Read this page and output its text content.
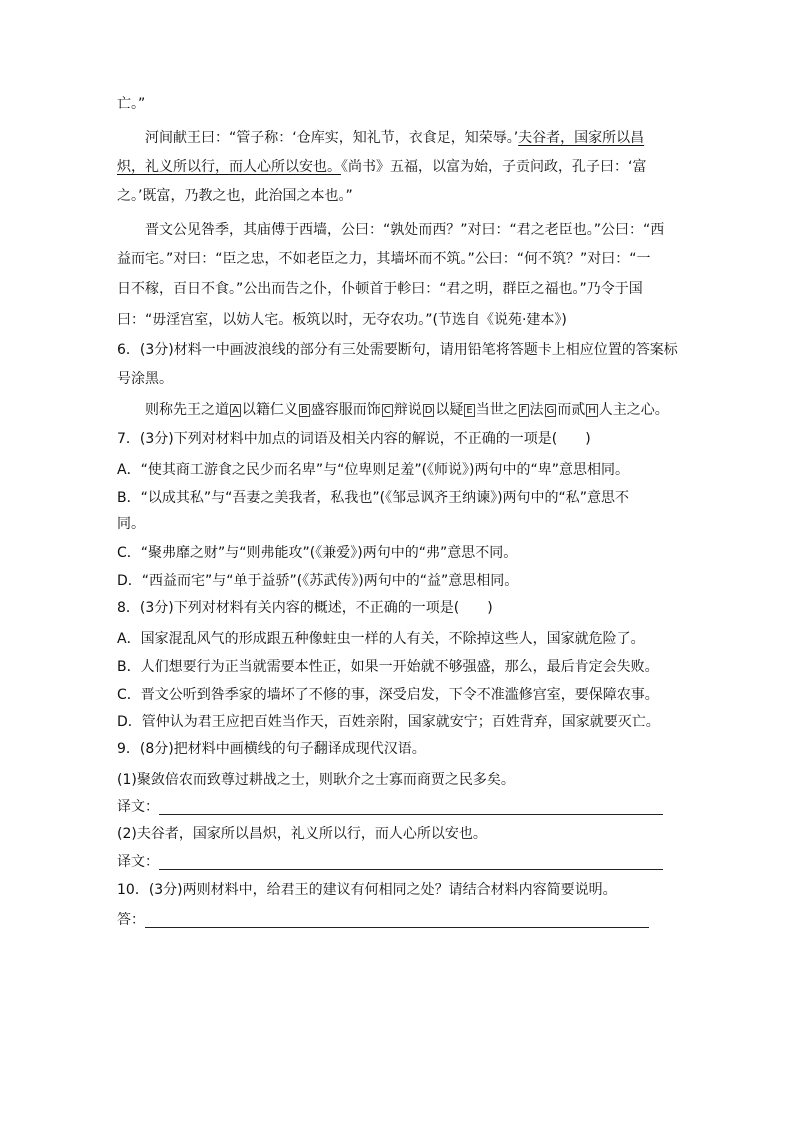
亡。”
河间献王曰：“管子称：‘仓库实，知礼节，衣食足，知荣辱。’夫谷者，国家所以昌
炽，礼义所以行，而人心所以安也。《尚书》五福，以富为始，子贡问政，孔子曰：‘富
之。’既富，乃教之也，此治国之本也。”
晋文公见咎季，其庙傅于西墙，公曰：“孰处而西？”对曰：“君之老臣也。”公曰：“西
益而宅。”对曰：“臣之忠，不如老臣之力，其墙坏而不筑。”公曰：“何不筑？”对曰：“一
日不稼，百日不食。”公出而告之仆，仆顿首于軫曰：“君之明，群臣之福也。”乃令于国
曰：“毋淫宫室，以妨人宅。板筑以时，无夺农功。”(节选自《说苑·建本》)
6．(3分)材料一中画波浪线的部分有三处需要断句，请用铅笔将答题卡上相应位置的答案标
号涂黑。
则称先王之道 A 以籍仁义 B 盛容服而饰 C 辩说 D 以疑 E 当世之 F 法 G 而贰 H 人主之心。
7．(3分)下列对材料中加点的词语及相关内容的解说，不正确的一项是(　　)
A．“使其商工游食之民少而名卑”与“位卑则足羞”(《师说》)两句中的“卑”意思相同。
B．“以成其私”与“吾妻之美我者，私我也”(《邹忌讽齐王纳谏》)两句中的“私”意思不
同。
C．“聚弗靡之财”与“则弗能攻”(《兼爱》)两句中的“弗”意思不同。
D．“西益而宅”与“单于益骄”(《苏武传》)两句中的“益”意思相同。
8．(3分)下列对材料有关内容的概述，不正确的一项是(　　)
A．国家混乱风气的形成跟五种像蛀虫一样的人有关，不除掉这些人，国家就危险了。
B．人们想要行为正当就需要本性正，如果一开始就不够强盛，那么，最后肯定会失败。
C．晋文公听到咎季家的墙坏了不修的事，深受启发，下令不准滥修宫室，要保障农事。
D．管仲认为君王应把百姓当作天，百姓亲附，国家就安宁；百姓背弃，国家就要灭亡。
9．(8分)把材料中画横线的句子翻译成现代汉语。
(1)聚敛倍农而致尊过耕战之士，则耿介之士寡而商贾之民多矣。
译文：
(2)夫谷者，国家所以昌炽，礼义所以行，而人心所以安也。
译文：
10．(3分)两则材料中，给君王的建议有何相同之处？请结合材料内容简要说明。
答：
